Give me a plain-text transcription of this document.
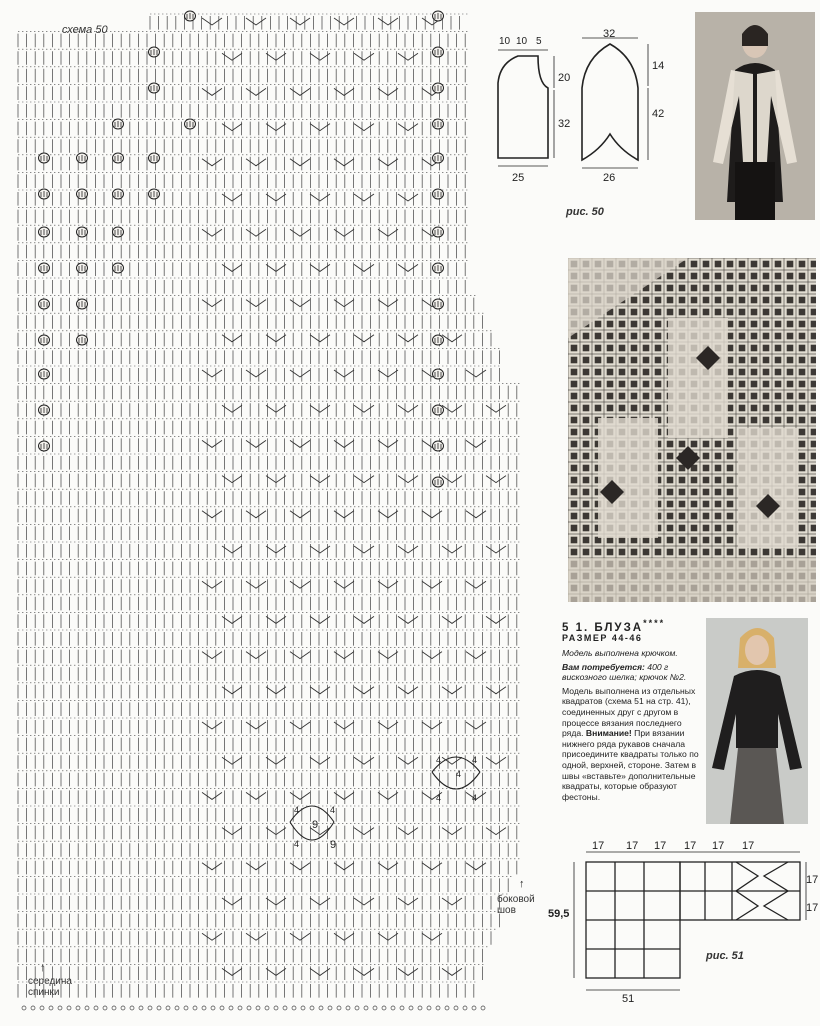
схема 50
середина
спинки
↑
боковой
шов
↑
4
9
4
4	9
4
4
4
4	4
10 10 5
20
32
25
32
14
42
26
рис. 50
5 1. БЛУЗА****
РАЗМЕР 44-46

Модель выполнена крючком.

Вам потребуется: 400 г вискозного шелка; крючок №2.

Модель выполнена из отдельных квадратов (схема 51 на стр. 41), соединенных друг с другом в процессе вязания последнего ряда. Внимание! При вязании нижнего ряда рукавов сначала присоедините квадраты только по одной, верхней, стороне. Затем в швы «вставьте» дополнительные квадраты, которые образуют фестоны.

17 17 17 17 17 17
17
17
59,5
51
рис. 51
